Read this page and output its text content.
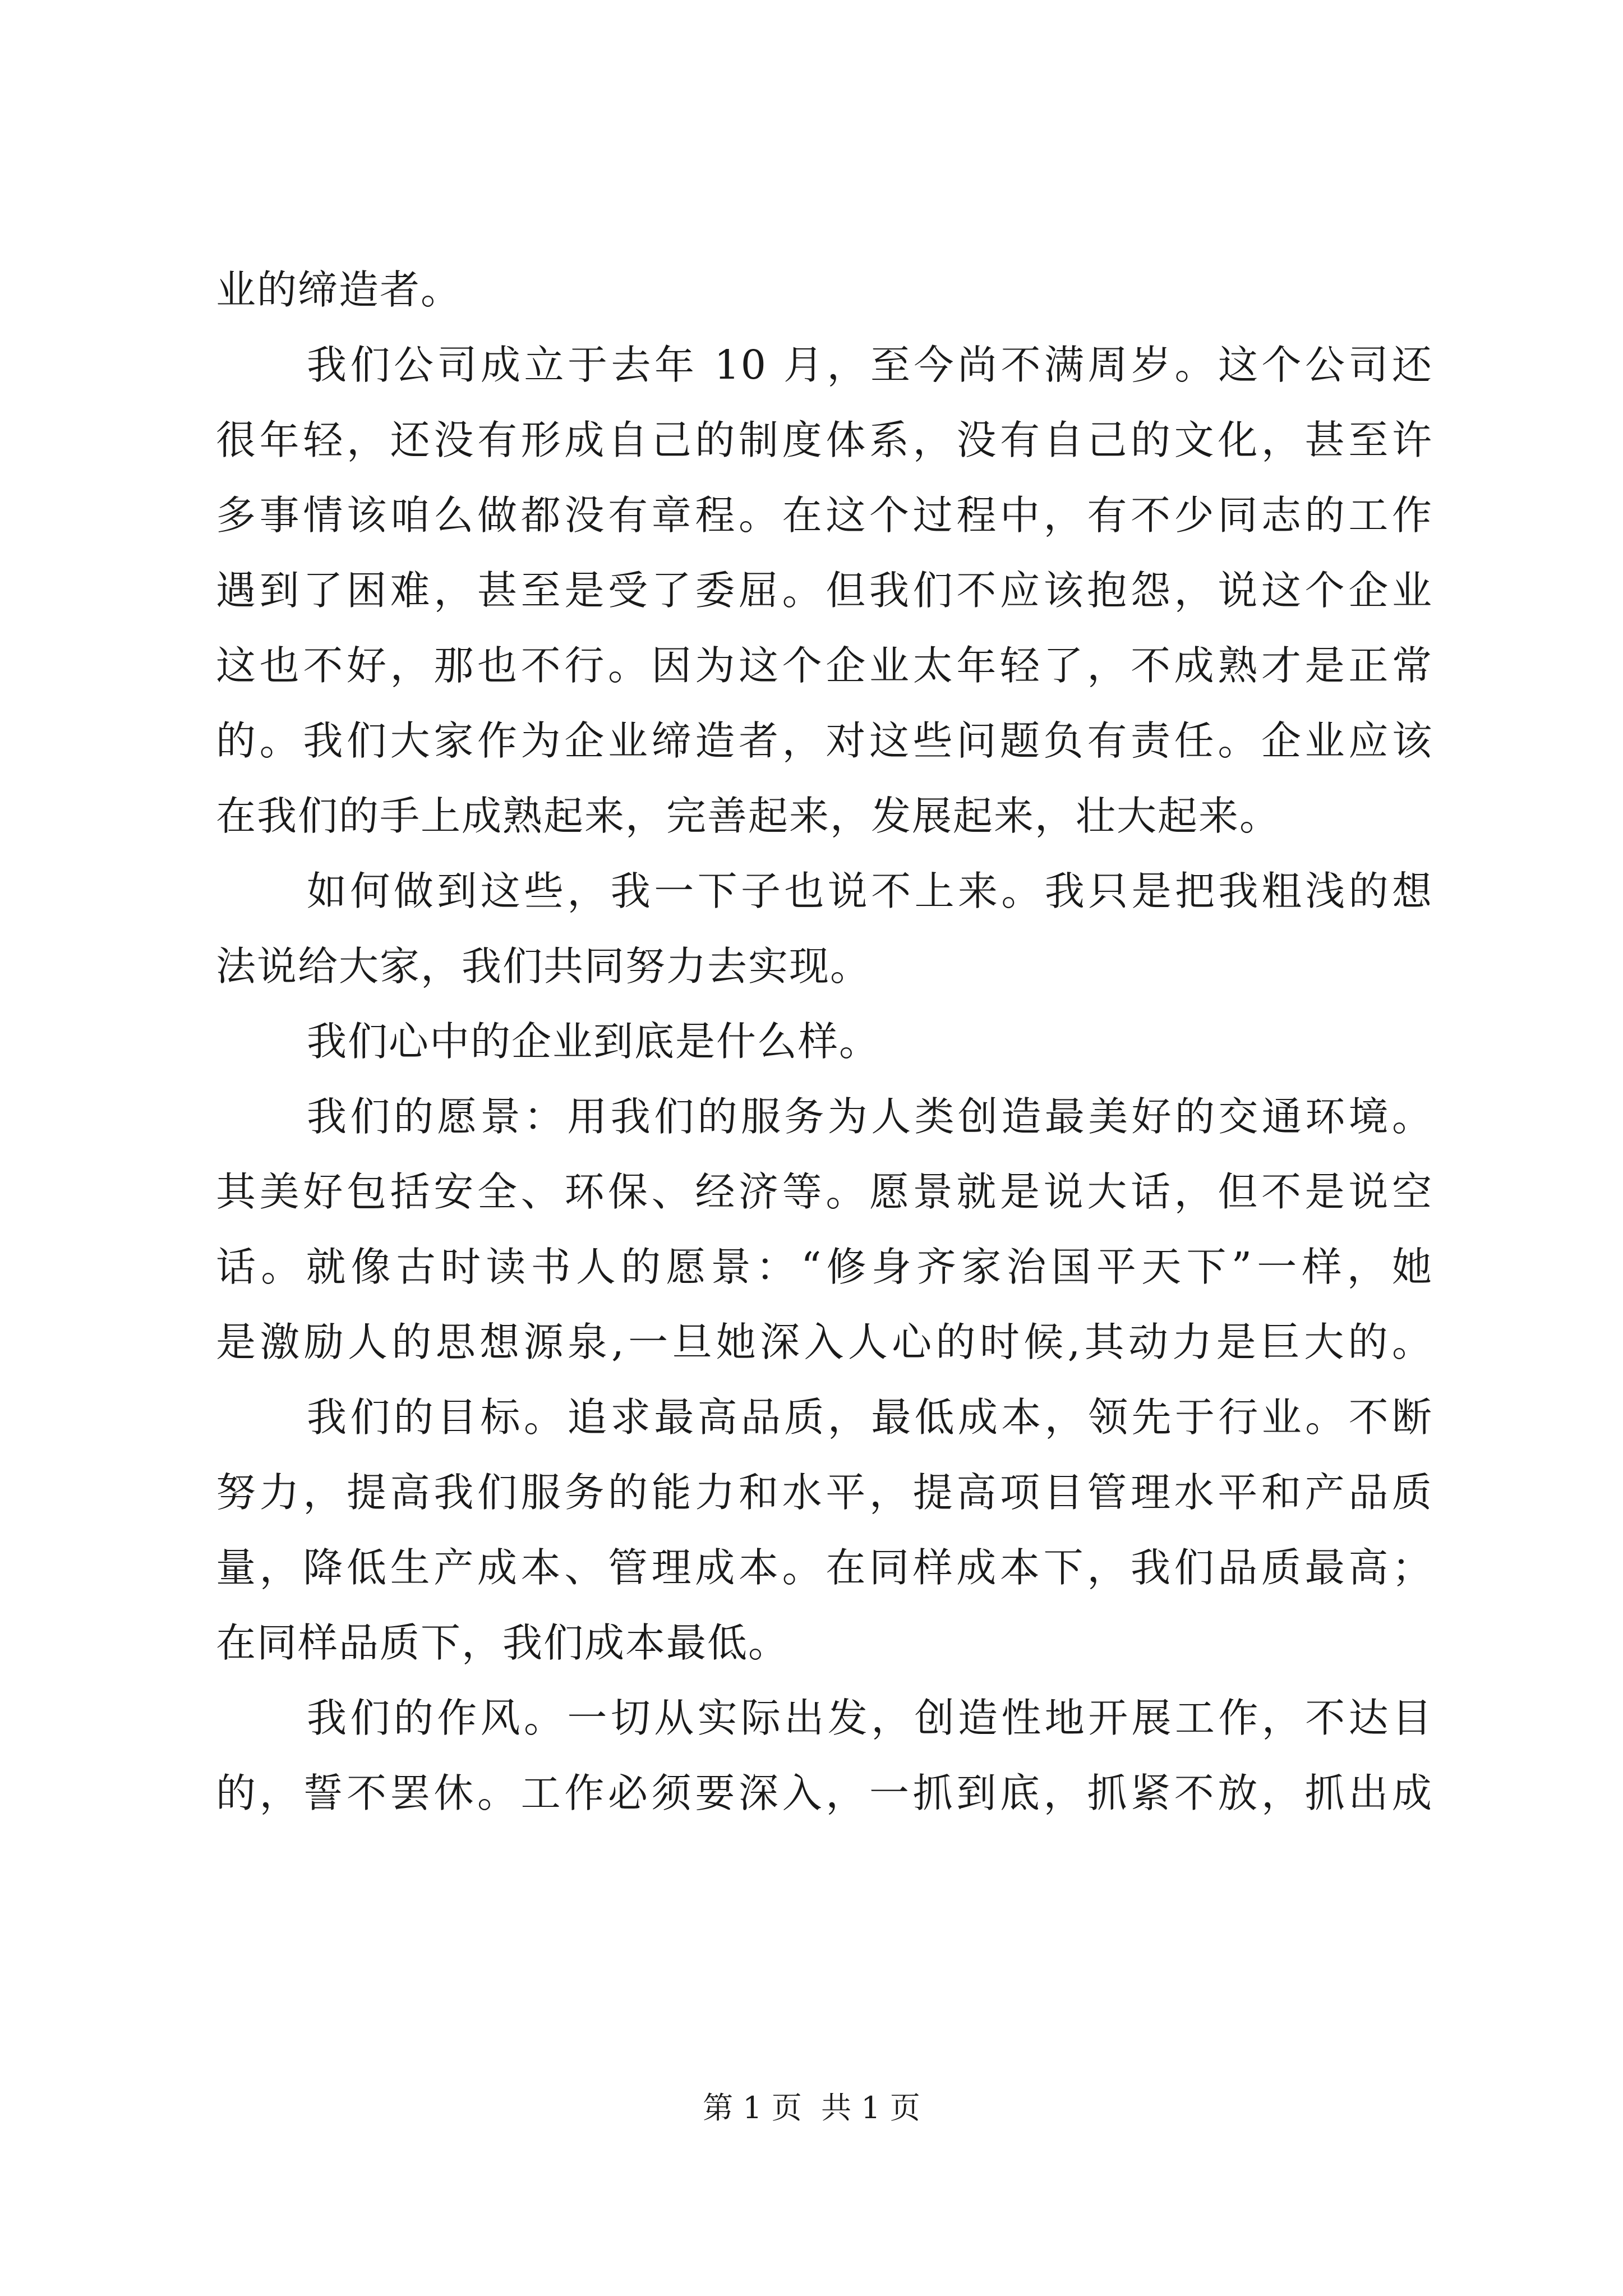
业的缔造者。
我们公司成立于去年 10 月，至今尚不满周岁。这个公司还
很年轻，还没有形成自己的制度体系，没有自己的文化，甚至许
多事情该咱么做都没有章程。在这个过程中，有不少同志的工作
遇到了困难，甚至是受了委屈。但我们不应该抱怨，说这个企业
这也不好，那也不行。因为这个企业太年轻了，不成熟才是正常
的。我们大家作为企业缔造者，对这些问题负有责任。企业应该
在我们的手上成熟起来，完善起来，发展起来，壮大起来。
如何做到这些，我一下子也说不上来。我只是把我粗浅的想
法说给大家，我们共同努力去实现。
我们心中的企业到底是什么样。
我们的愿景：用我们的服务为人类创造最美好的交通环境。
其美好包括安全、环保、经济等。愿景就是说大话，但不是说空
话。就像古时读书人的愿景：“修身齐家治国平天下”一样，她
是激励人的思想源泉,一旦她深入人心的时候,其动力是巨大的。
我们的目标。追求最高品质，最低成本，领先于行业。不断
努力，提高我们服务的能力和水平，提高项目管理水平和产品质
量，降低生产成本、管理成本。在同样成本下，我们品质最高；
在同样品质下，我们成本最低。
我们的作风。一切从实际出发，创造性地开展工作，不达目
的，誓不罢休。工作必须要深入，一抓到底，抓紧不放，抓出成
第 1 页  共 1 页
